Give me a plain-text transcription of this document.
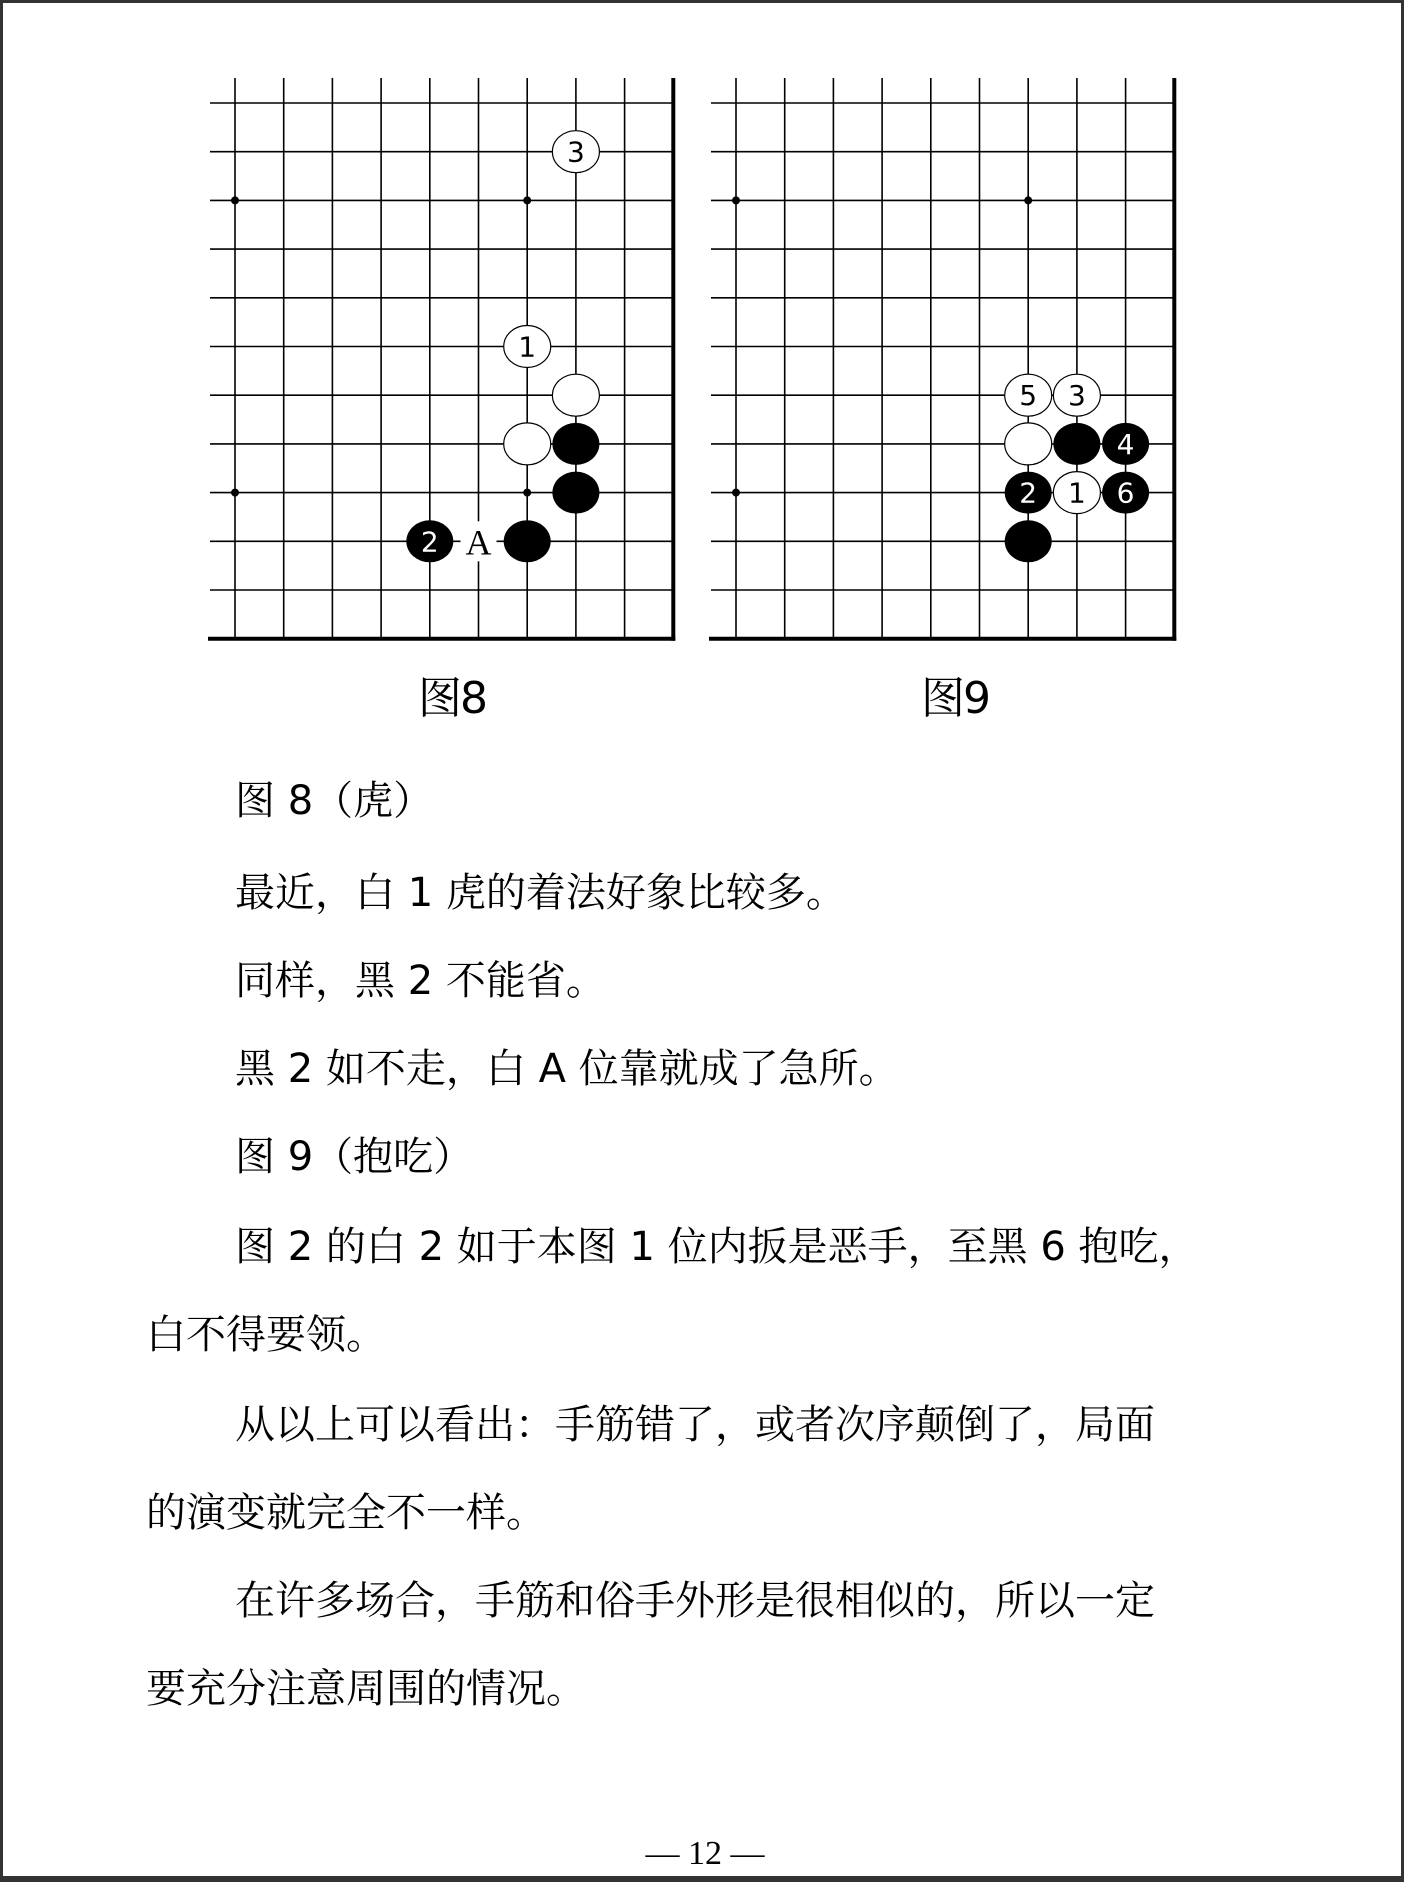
A
3
1
2
5 3
4
2 1 6
图8	图9
图 8（虎）
最近，白 1 虎的着法好象比较多。
同样，黑 2 不能省。
黑 2 如不走，白 A 位靠就成了急所。
图 9（抱吃）
图 2 的白 2 如于本图 1 位内扳是恶手，至黑 6 抱吃，
白不得要领。
从以上可以看出：手筋错了，或者次序颠倒了，局面
的演变就完全不一样。
在许多场合，手筋和俗手外形是很相似的，所以一定
要充分注意周围的情况。
— 12 —
